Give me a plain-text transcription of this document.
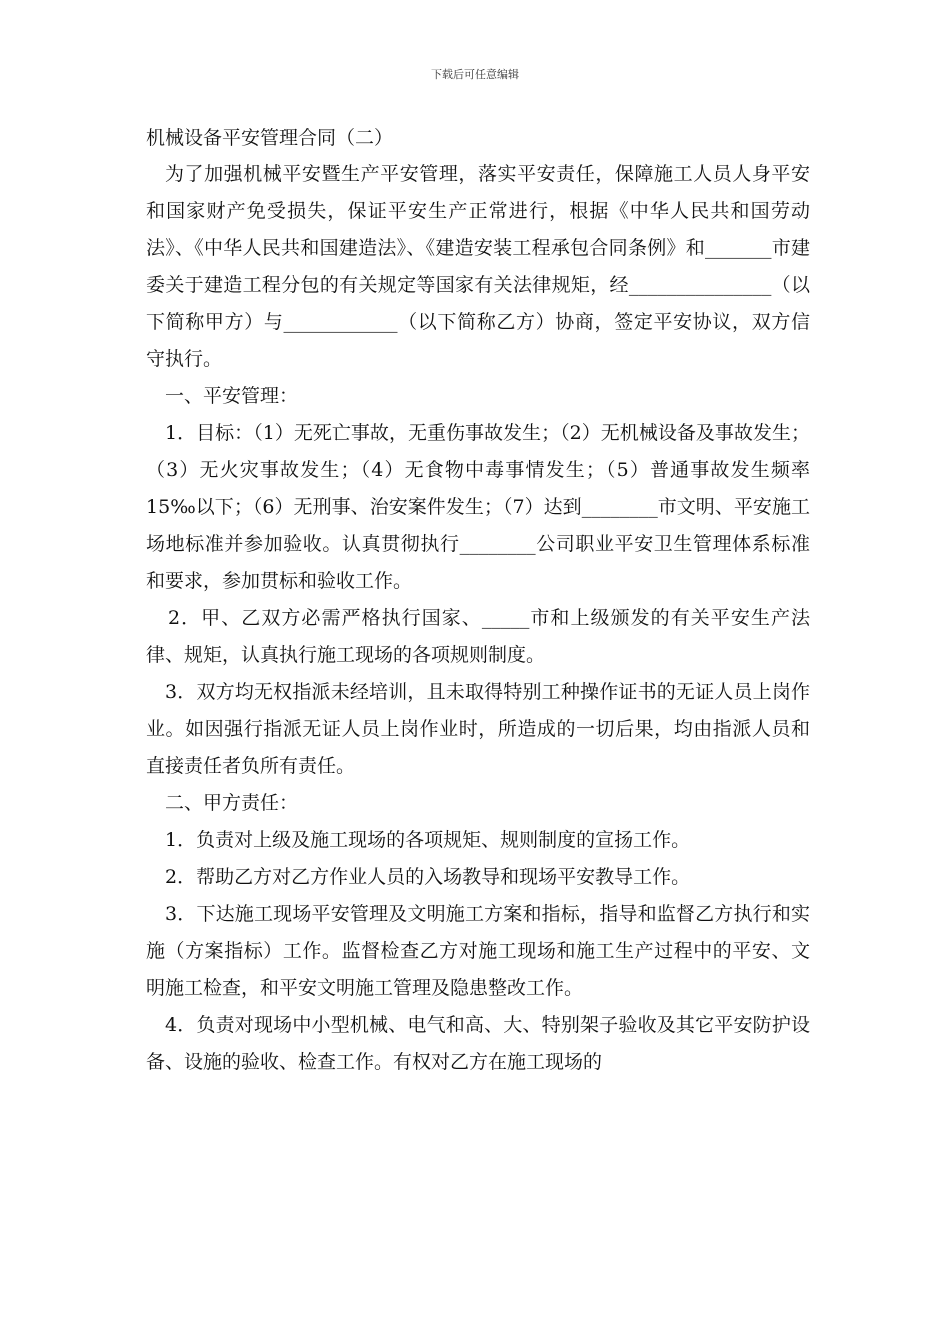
下载后可任意编辑
机械设备平安管理合同（二）

为了加强机械平安暨生产平安管理，落实平安责任，保障施工人员人身平安和国家财产免受损失，保证平安生产正常进行，根据《中华人民共和国劳动法》、《中华人民共和国建造法》、《建造安装工程承包合同条例》和_______市建委关于建造工程分包的有关规定等国家有关法律规矩，经_______________（以下简称甲方）与____________（以下简称乙方）协商，签定平安协议，双方信守执行。

一、平安管理：

1．目标：（1）无死亡事故，无重伤事故发生；（2）无机械设备及事故发生；（3）无火灾事故发生；（4）无食物中毒事情发生；（5）普通事故发生频率 15‰以下；（6）无刑事、治安案件发生；（7）达到________市文明、平安施工场地标准并参加验收。认真贯彻执行________公司职业平安卫生管理体系标准和要求，参加贯标和验收工作。

2．甲、乙双方必需严格执行国家、_____市和上级颁发的有关平安生产法律、规矩，认真执行施工现场的各项规则制度。

3．双方均无权指派未经培训，且未取得特别工种操作证书的无证人员上岗作业。如因强行指派无证人员上岗作业时，所造成的一切后果，均由指派人员和直接责任者负所有责任。

二、甲方责任：

1．负责对上级及施工现场的各项规矩、规则制度的宣扬工作。

2．帮助乙方对乙方作业人员的入场教导和现场平安教导工作。

3．下达施工现场平安管理及文明施工方案和指标，指导和监督乙方执行和实施（方案指标）工作。监督检查乙方对施工现场和施工生产过程中的平安、文明施工检查，和平安文明施工管理及隐患整改工作。

4．负责对现场中小型机械、电气和高、大、特别架子验收及其它平安防护设备、设施的验收、检查工作。有权对乙方在施工现场的
